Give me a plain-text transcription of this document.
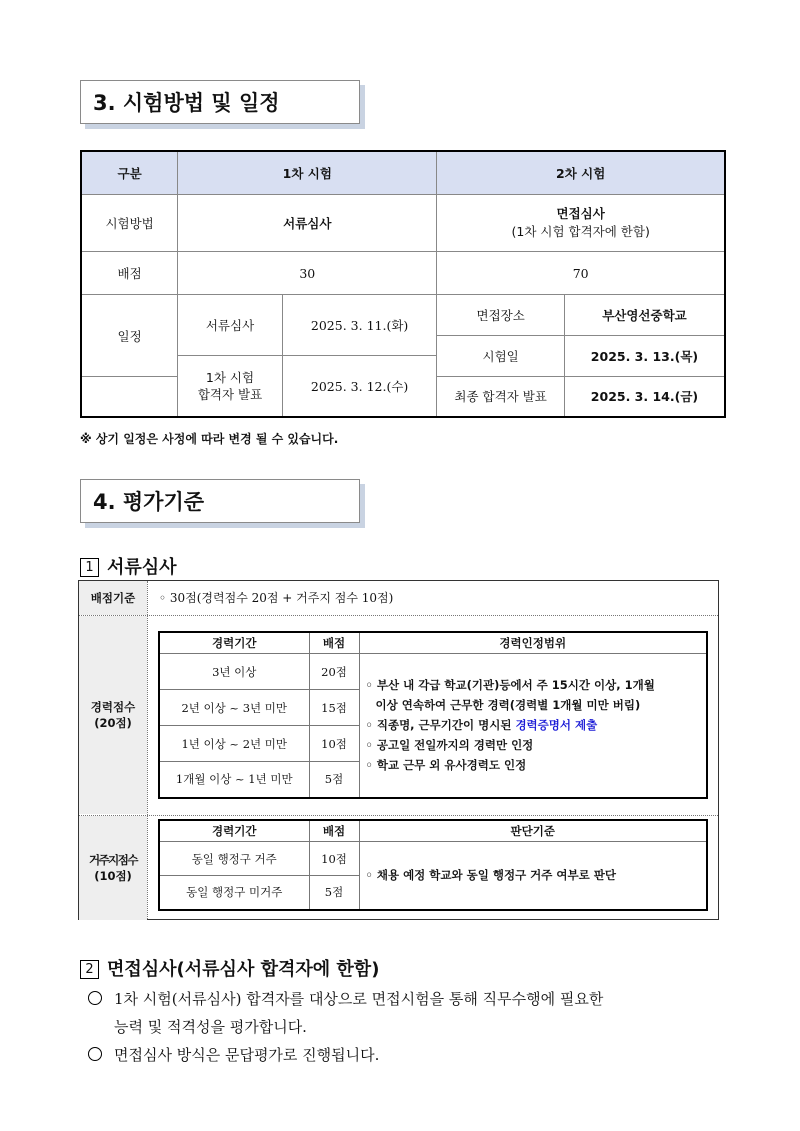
3. 시험방법 및 일정
구분	1차 시험		2차 시험	
시험방법	서류심사		면접심사
(1차 시험 합격자에 한함)	

배점	30		70	
일정	서류심사	2025. 3. 11.(화)	면접장소	부산영선중학교
			시험일	2025. 3. 13.(목)

	1차 시험
합격자 발표	2025. 3. 12.(수)		
			최종 합격자 발표	2025. 3. 14.(금)
※ 상기 일정은 사정에 따라 변경 될 수 있습니다.
4. 평가기준
1 서류심사
배점기준 ◦ 30점(경력점수 20점 + 거주지 점수 10점)
경력점수
(20점)
경력기간	배점	경력인정범위
3년 이상	20점	◦ 부산 내 각급 학교(기관)등에서 주 15시간 이상, 1개월
이상 연속하여 근무한 경력(경력별 1개월 미만 버림)
◦ 직종명, 근무기간이 명시된 경력증명서 제출
◦ 공고일 전일까지의 경력만 인정
◦ 학교 근무 외 유사경력도 인정

2년 이상 ~ 3년 미만	15점	
1년 이상 ~ 2년 미만	10점	
1개월 이상 ~ 1년 미만	5점	
거주지점수
(10점)
경력기간	배점	판단기준
동일 행정구 거주	10점	◦ 채용 예정 학교와 동일 행정구 거주 여부로 판단
동일 행정구 미거주	5점	
2 면접심사(서류심사 합격자에 한함)
1차 시험(서류심사) 합격자를 대상으로 면접시험을 통해 직무수행에 필요한
능력 및 적격성을 평가합니다.
면접심사 방식은 문답평가로 진행됩니다.
